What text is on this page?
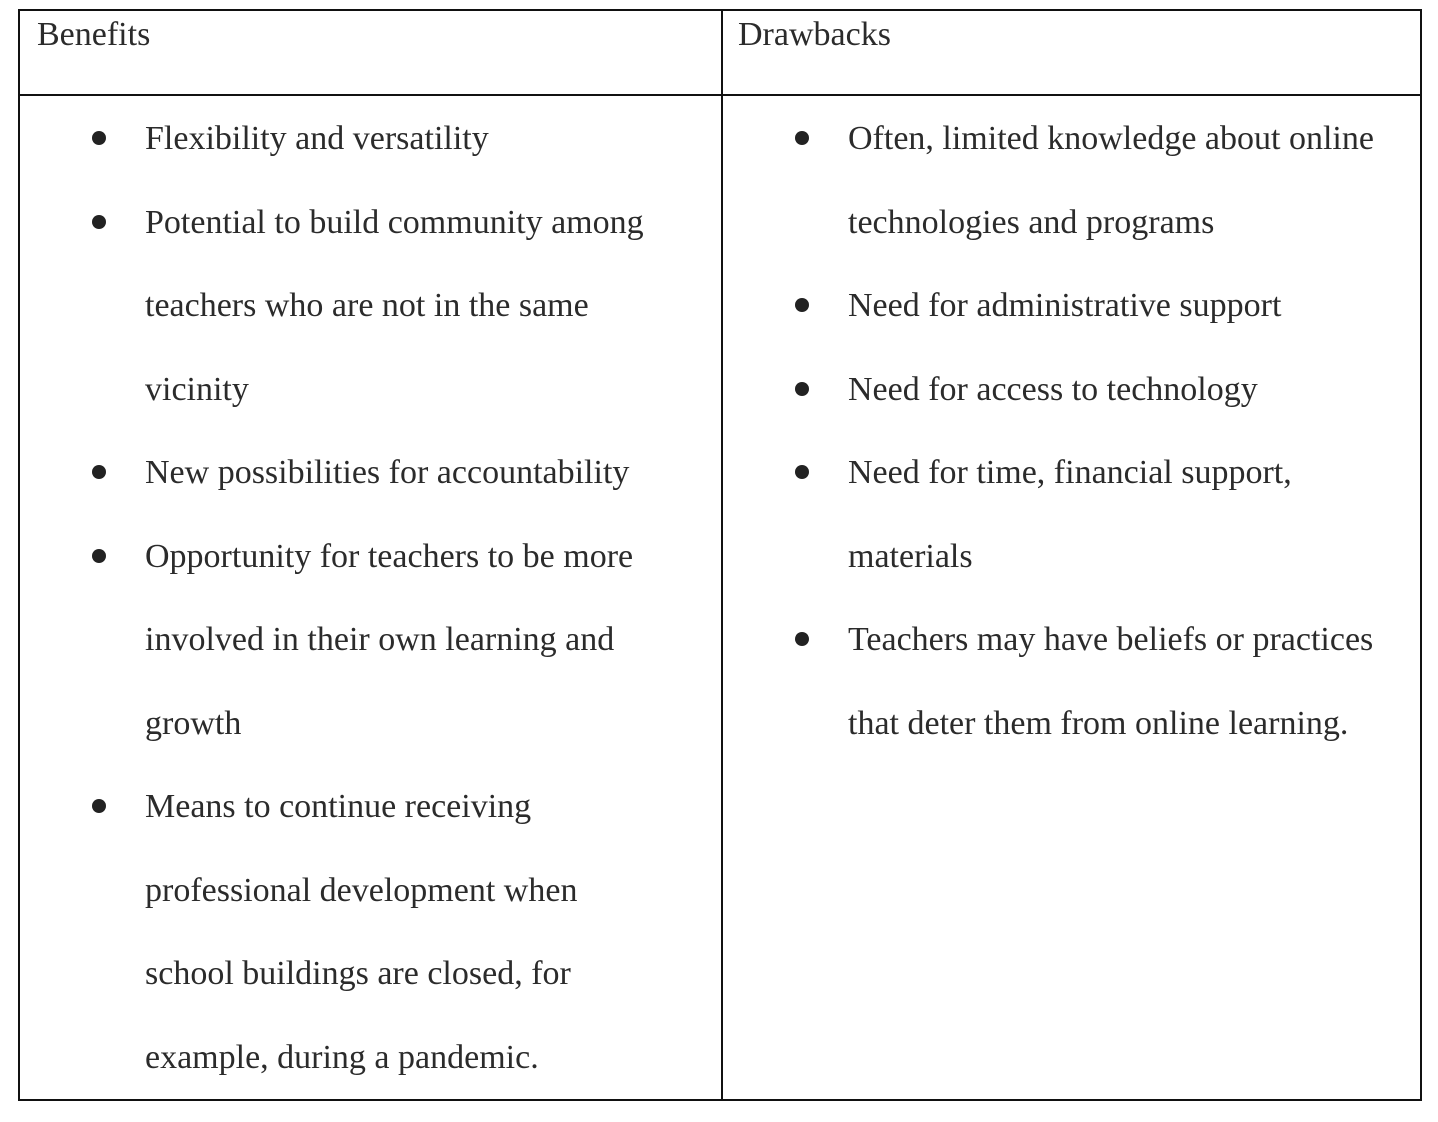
Benefits	Drawbacks
Flexibility and versatility
Potential to build community among
teachers who are not in the same
vicinity
New possibilities for accountability
Opportunity for teachers to be more
involved in their own learning and
growth
Means to continue receiving
professional development when
school buildings are closed, for
example, during a pandemic.
Often, limited knowledge about online
technologies and programs
Need for administrative support
Need for access to technology
Need for time, financial support,
materials
Teachers may have beliefs or practices
that deter them from online learning.
